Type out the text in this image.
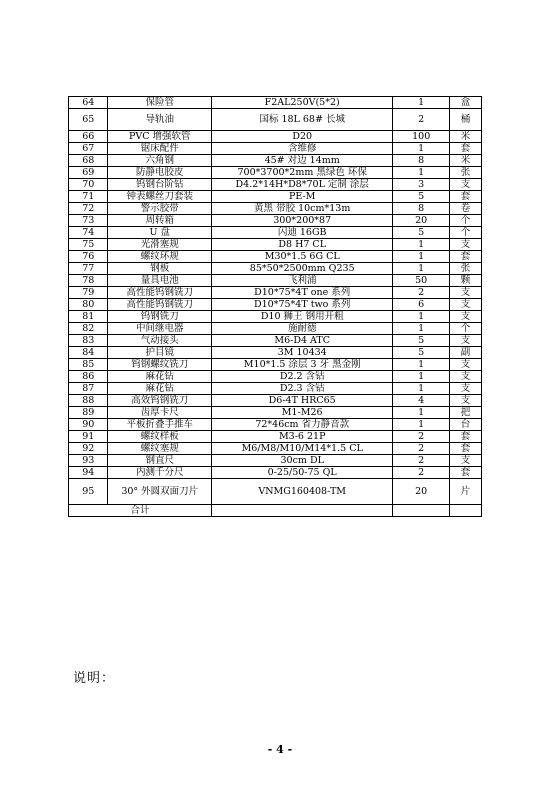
64	保险管	F2AL250V(5*2)	1	盒
65	导轨油	国标 18L 68# 长城	2	桶
66	PVC 增强软管	D20	100	米
67	锯床配件	含维修	1	套
68	六角钢	45# 对边 14mm	8	米
69	防静电胶皮	700*3700*2mm 黑绿色 环保	1	张
70	钨钢台阶钻	D4.2*14H*D8*70L 定制 涂层	3	支
71	钟表螺丝刀套装	PE-M	5	套
72	警示胶带	黄黑 带胶 10cm*13m	8	卷
73	周转箱	300*200*87	20	个
74	U 盘	闪迪 16GB	5	个
75	光滑塞规	D8 H7 CL	1	支
76	螺纹环规	M30*1.5 6G CL	1	套
77	钢板	85*50*2500mm Q235	1	张
78	量具电池	飞利浦	50	颗
79	高性能钨钢铣刀	D10*75*4T one 系列	2	支
80	高性能钨钢铣刀	D10*75*4T two 系列	6	支
81	钨钢铣刀	D10 狮王 钢用开粗	1	支
82	中间继电器	施耐德	1	个
83	气动接头	M6-D4 ATC	5	支
84	护目镜	3M 10434	5	副
85	钨钢螺纹铣刀	M10*1.5 涂层 3 牙 黑金刚	1	支
86	麻花钻	D2.2 含钴	1	支
87	麻花钻	D2.3 含钴	1	支
88	高效钨钢铣刀	D6-4T HRC65	4	支
89	齿厚卡尺	M1-M26	1	把
90	平板折叠手推车	72*46cm 省力静音款	1	台
91	螺纹样板	M3-6 21P	2	套
92	螺纹塞规	M6/M8/M10/M14*1.5 CL	2	套
93	钢直尺	30cm DL	2	支
94	内测千分尺	0-25/50-75 QL	2	套
95	30° 外圆双面刀片	VNMG160408-TM	20	片
合计				
说明：
- 4 -
